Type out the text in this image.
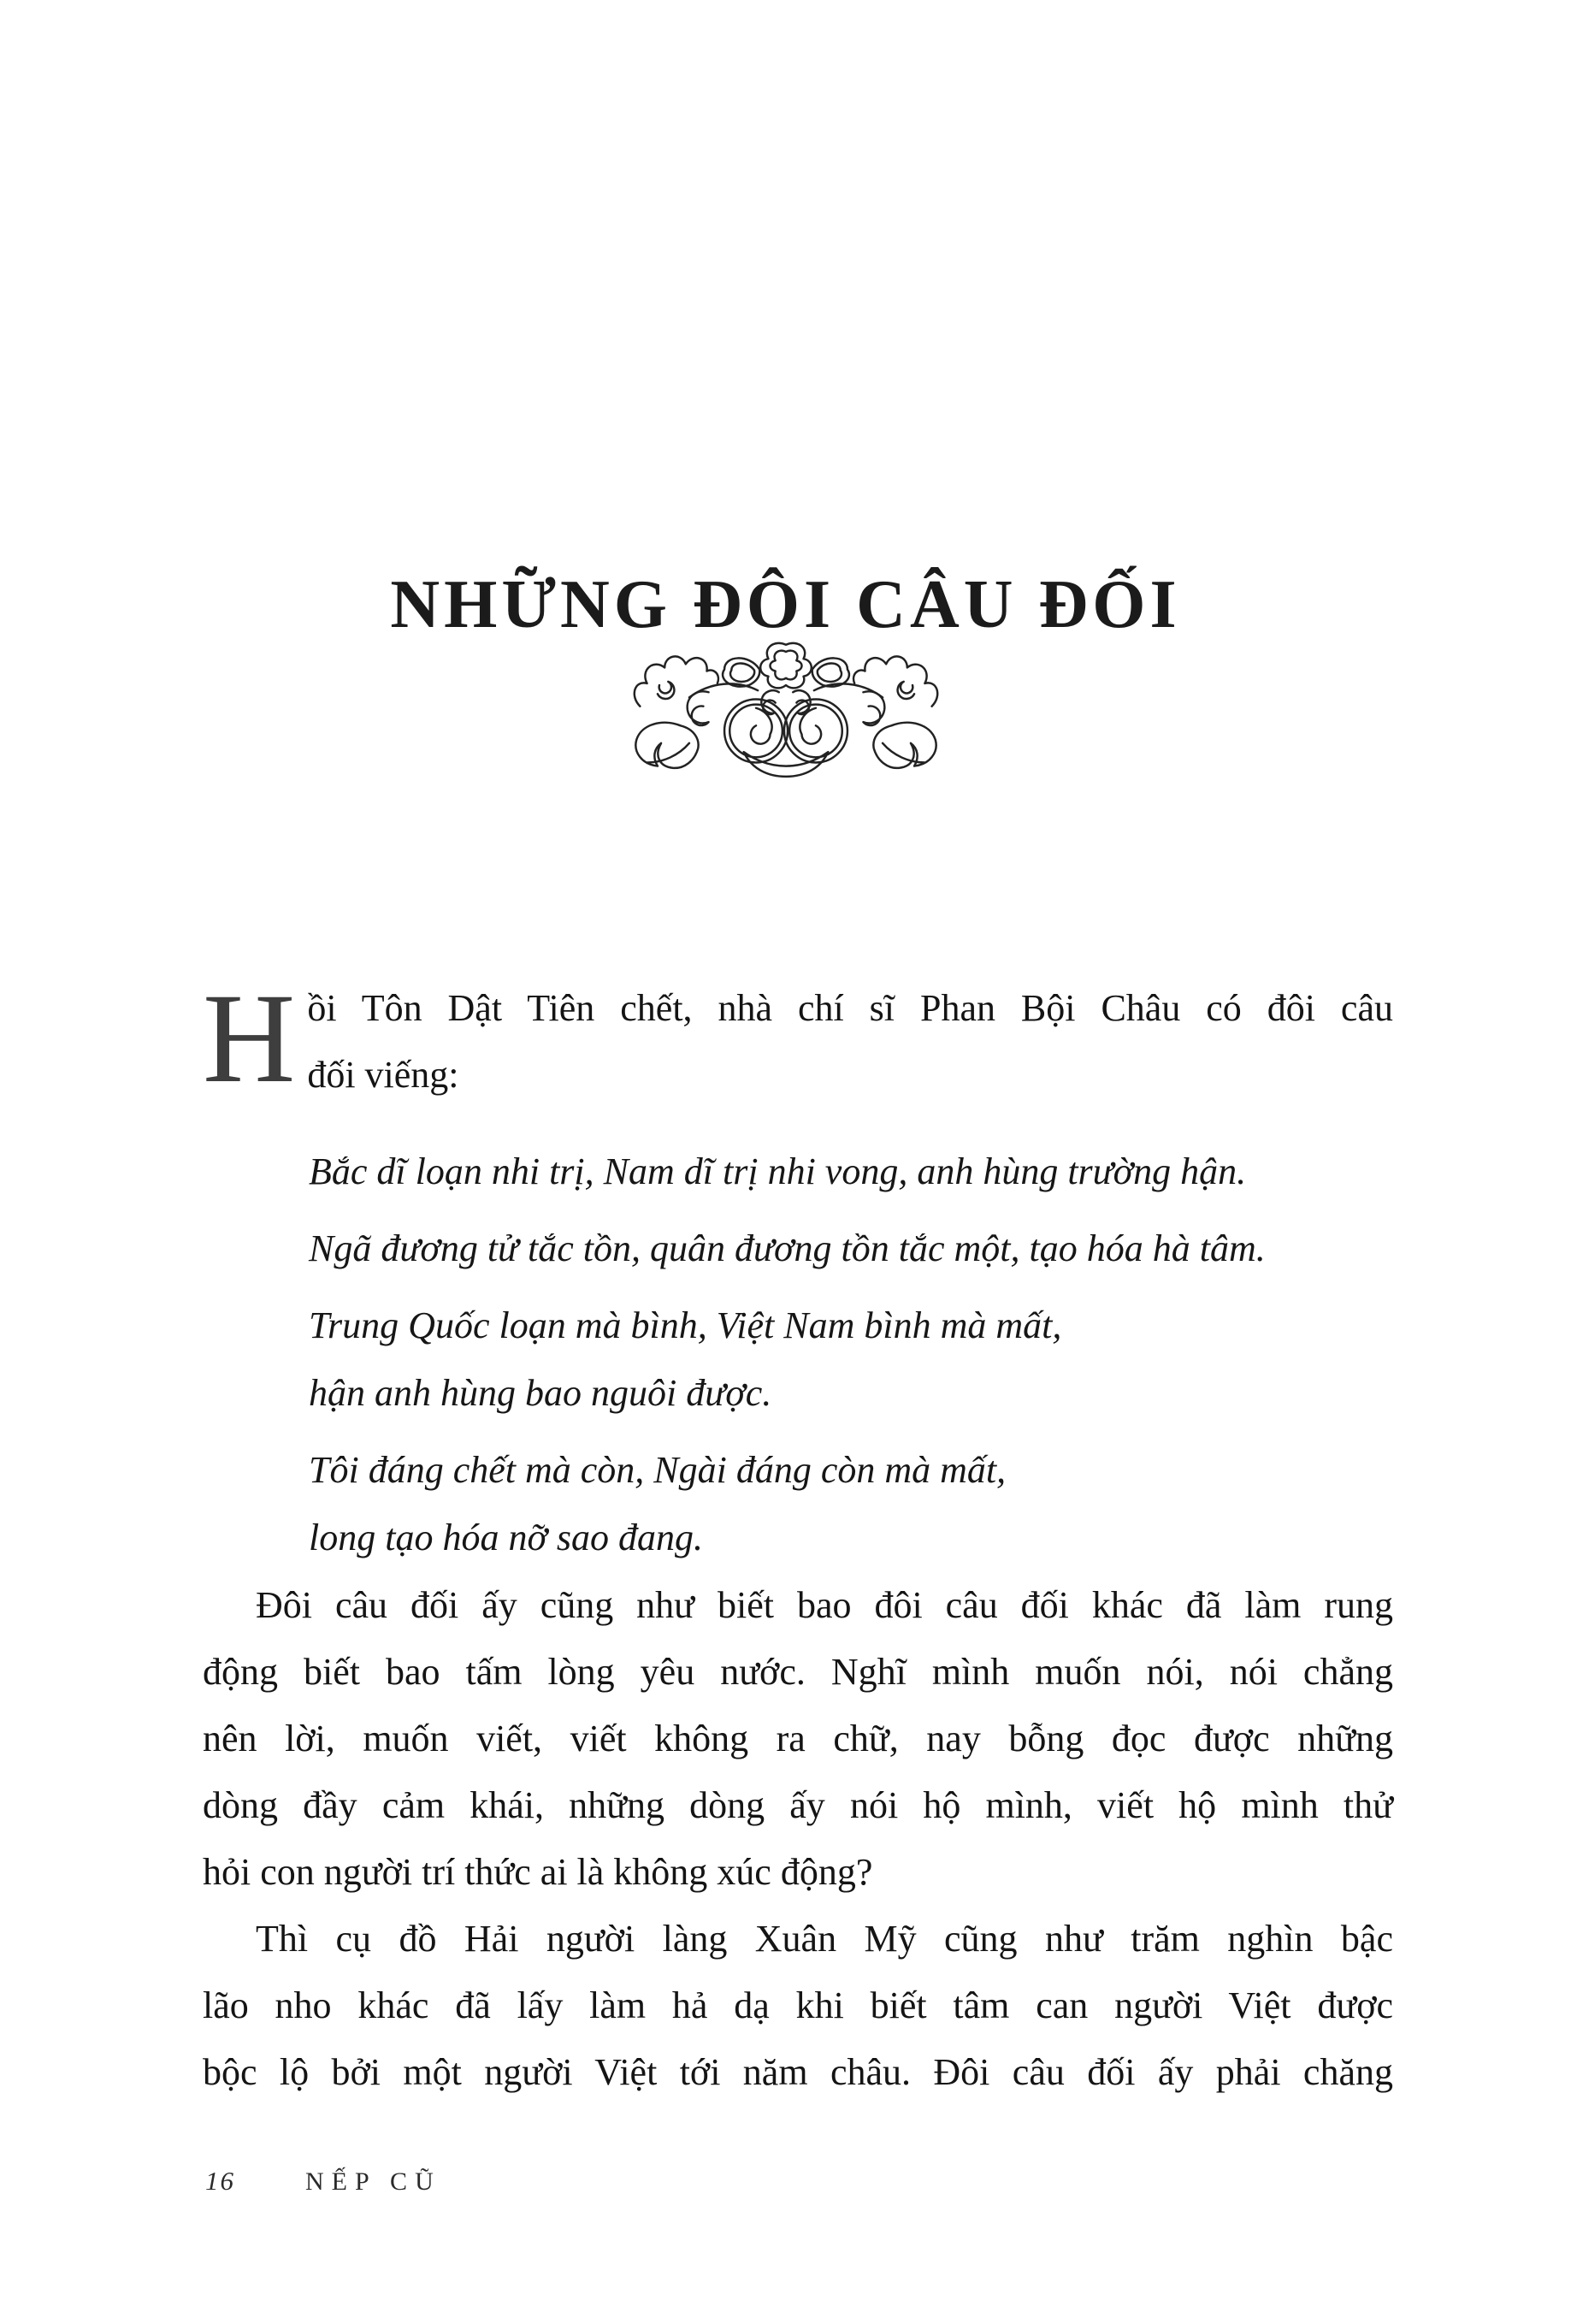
NHỮNG ĐÔI CÂU ĐỐI
H ồi Tôn Dật Tiên chết, nhà chí sĩ Phan Bội Châu có đôi câu
đối viếng:
Bắc dĩ loạn nhi trị, Nam dĩ trị nhi vong, anh hùng trường hận.
Ngã đương tử tắc tồn, quân đương tồn tắc một, tạo hóa hà tâm.
Trung Quốc loạn mà bình, Việt Nam bình mà mất,
hận anh hùng bao nguôi được.
Tôi đáng chết mà còn, Ngài đáng còn mà mất,
long tạo hóa nỡ sao đang.
Đôi câu đối ấy cũng như biết bao đôi câu đối khác đã làm rung
động biết bao tấm lòng yêu nước. Nghĩ mình muốn nói, nói chẳng
nên lời, muốn viết, viết không ra chữ, nay bỗng đọc được những
dòng đầy cảm khái, những dòng ấy nói hộ mình, viết hộ mình thử
hỏi con người trí thức ai là không xúc động?
Thì cụ đồ Hải người làng Xuân Mỹ cũng như trăm nghìn bậc
lão nho khác đã lấy làm hả dạ khi biết tâm can người Việt được
bộc lộ bởi một người Việt tới năm châu. Đôi câu đối ấy phải chăng
16	NẾP CŨ
